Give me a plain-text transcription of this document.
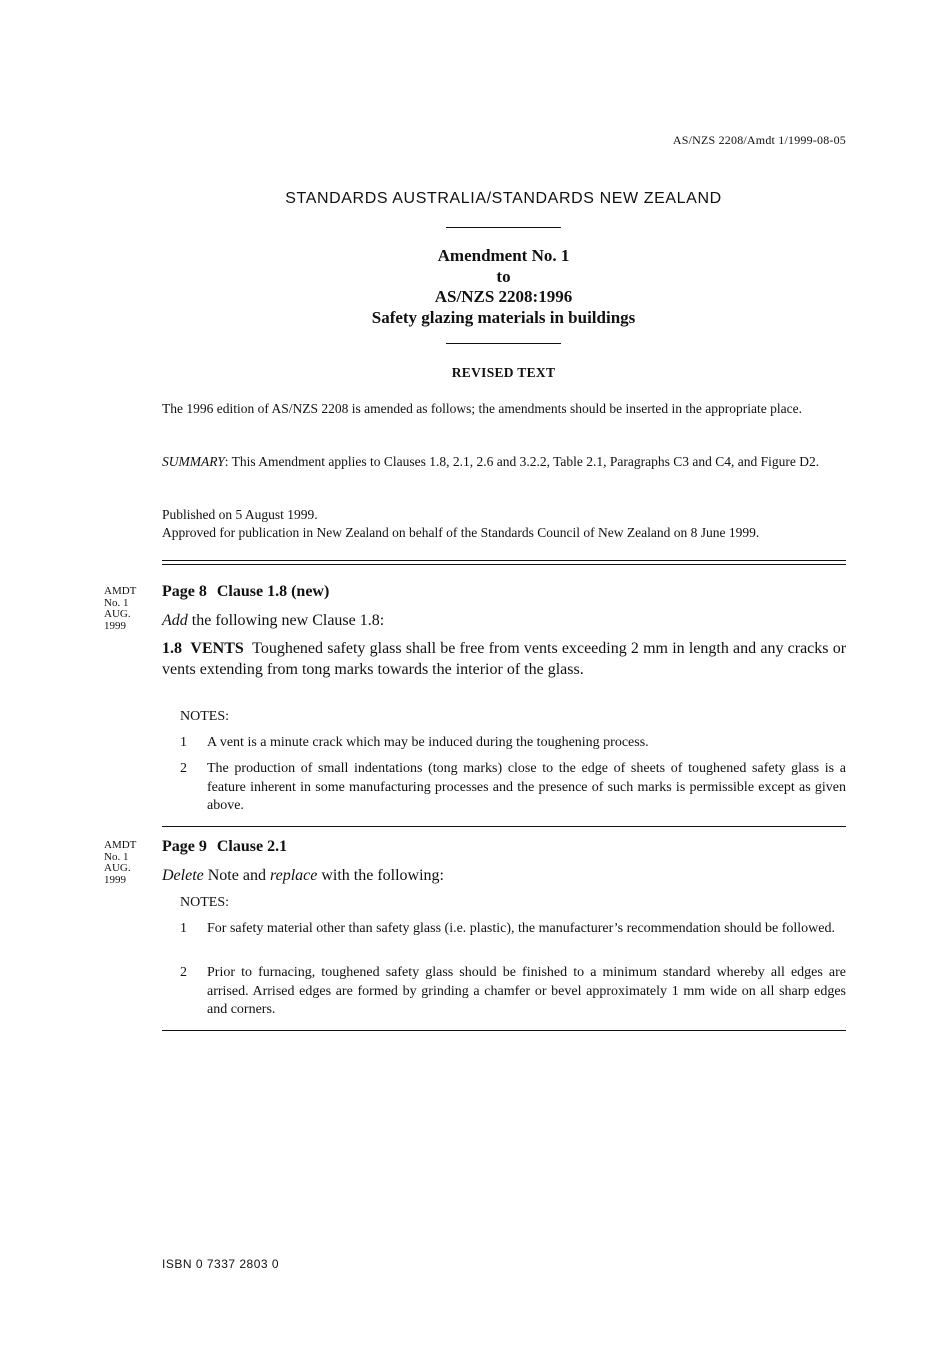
AS/NZS 2208/Amdt 1/1999-08-05
STANDARDS AUSTRALIA/STANDARDS NEW ZEALAND
Amendment No. 1
to
AS/NZS 2208:1996
Safety glazing materials in buildings
REVISED TEXT
The 1996 edition of AS/NZS 2208 is amended as follows; the amendments should be inserted in the appropriate place.
SUMMARY: This Amendment applies to Clauses 1.8, 2.1, 2.6 and 3.2.2, Table 2.1, Paragraphs C3 and C4, and Figure D2.
Published on 5 August 1999.
Approved for publication in New Zealand on behalf of the Standards Council of New Zealand on 8 June 1999.
AMDT
No. 1
AUG.
1999
Page 8 Clause 1.8 (new)
Add the following new Clause 1.8:
1.8 VENTS Toughened safety glass shall be free from vents exceeding 2 mm in length and any cracks or vents extending from tong marks towards the interior of the glass.
NOTES:
1	A vent is a minute crack which may be induced during the toughening process.
2	The production of small indentations (tong marks) close to the edge of sheets of toughened safety glass is a feature inherent in some manufacturing processes and the presence of such marks is permissible except as given above.
AMDT
No. 1
AUG.
1999
Page 9 Clause 2.1
Delete Note and replace with the following:
NOTES:
1	For safety material other than safety glass (i.e. plastic), the manufacturer’s recommendation should be followed.
2	Prior to furnacing, toughened safety glass should be finished to a minimum standard whereby all edges are arrised. Arrised edges are formed by grinding a chamfer or bevel approximately 1 mm wide on all sharp edges and corners.
ISBN 0 7337 2803 0
